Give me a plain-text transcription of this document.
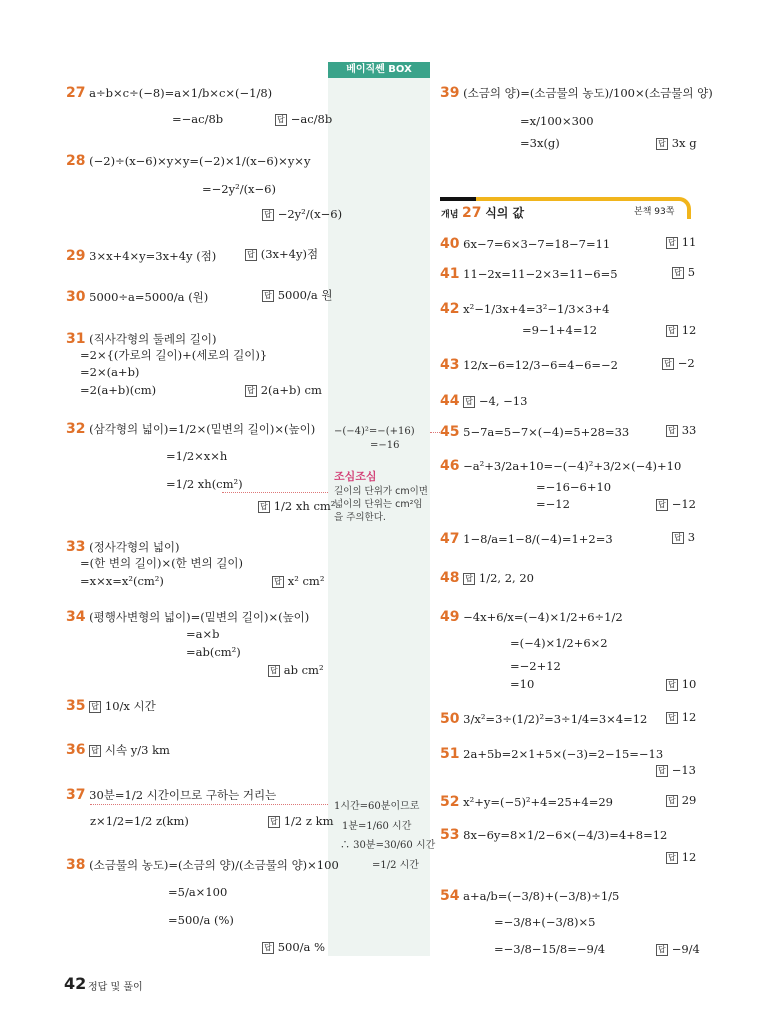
베이직쎈 BOX
−(−4)²=−(+16)
=−16
조심조심
길이의 단위가 cm이면
넓이의 단위는 cm²임
을 주의한다.
1시간=60분이므로
1분=1/60 시간
∴ 30분=30/60 시간
=1/2 시간
27 a÷b×c÷(−8)=a×1/b×c×(−1/8)
=−ac/8b	답 −ac/8b
28 (−2)÷(x−6)×y×y=(−2)×1/(x−6)×y×y
=−2y²/(x−6)
답 −2y²/(x−6)
29 3×x+4×y=3x+4y (점)	답 (3x+4y)점
30 5000÷a=5000/a (원)	답 5000/a 원
31 (직사각형의 둘레의 길이)
=2×{(가로의 길이)+(세로의 길이)}
=2×(a+b)
=2(a+b)(cm)	답 2(a+b) cm
32 (삼각형의 넓이)=1/2×(밑변의 길이)×(높이)
=1/2×x×h
=1/2 xh(cm²)
답 1/2 xh cm²
33 (정사각형의 넓이)
=(한 변의 길이)×(한 변의 길이)
=x×x=x²(cm²)	답 x² cm²
34 (평행사변형의 넓이)=(밑변의 길이)×(높이)
=a×b
=ab(cm²)
답 ab cm²
35 답 10/x 시간
36 답 시속 y/3 km
37 30분=1/2 시간이므로 구하는 거리는
z×1/2=1/2 z(km)	답 1/2 z km
38 (소금물의 농도)=(소금의 양)/(소금물의 양)×100
=5/a×100
=500/a (%)
답 500/a %
39 (소금의 양)=(소금물의 농도)/100×(소금물의 양)
=x/100×300
=3x(g)	답 3x g
개념 27 식의 값	본책 93쪽
40 6x−7=6×3−7=18−7=11	답 11
41 11−2x=11−2×3=11−6=5	답 5
42 x²−1/3x+4=3²−1/3×3+4
=9−1+4=12	답 12
43 12/x−6=12/3−6=4−6=−2	답 −2
44 답 −4, −13
45 5−7a=5−7×(−4)=5+28=33	답 33
46 −a²+3/2a+10=−(−4)²+3/2×(−4)+10
=−16−6+10
=−12	답 −12
47 1−8/a=1−8/(−4)=1+2=3	답 3
48 답 1/2, 2, 20
49 −4x+6/x=(−4)×1/2+6÷1/2
=(−4)×1/2+6×2
=−2+12
=10	답 10
50 3/x²=3÷(1/2)²=3÷1/4=3×4=12	답 12
51 2a+5b=2×1+5×(−3)=2−15=−13
답 −13
52 x²+y=(−5)²+4=25+4=29	답 29
53 8x−6y=8×1/2−6×(−4/3)=4+8=12
답 12
54 a+a/b=(−3/8)+(−3/8)÷1/5
=−3/8+(−3/8)×5
=−3/8−15/8=−9/4	답 −9/4
42 정답 및 풀이
